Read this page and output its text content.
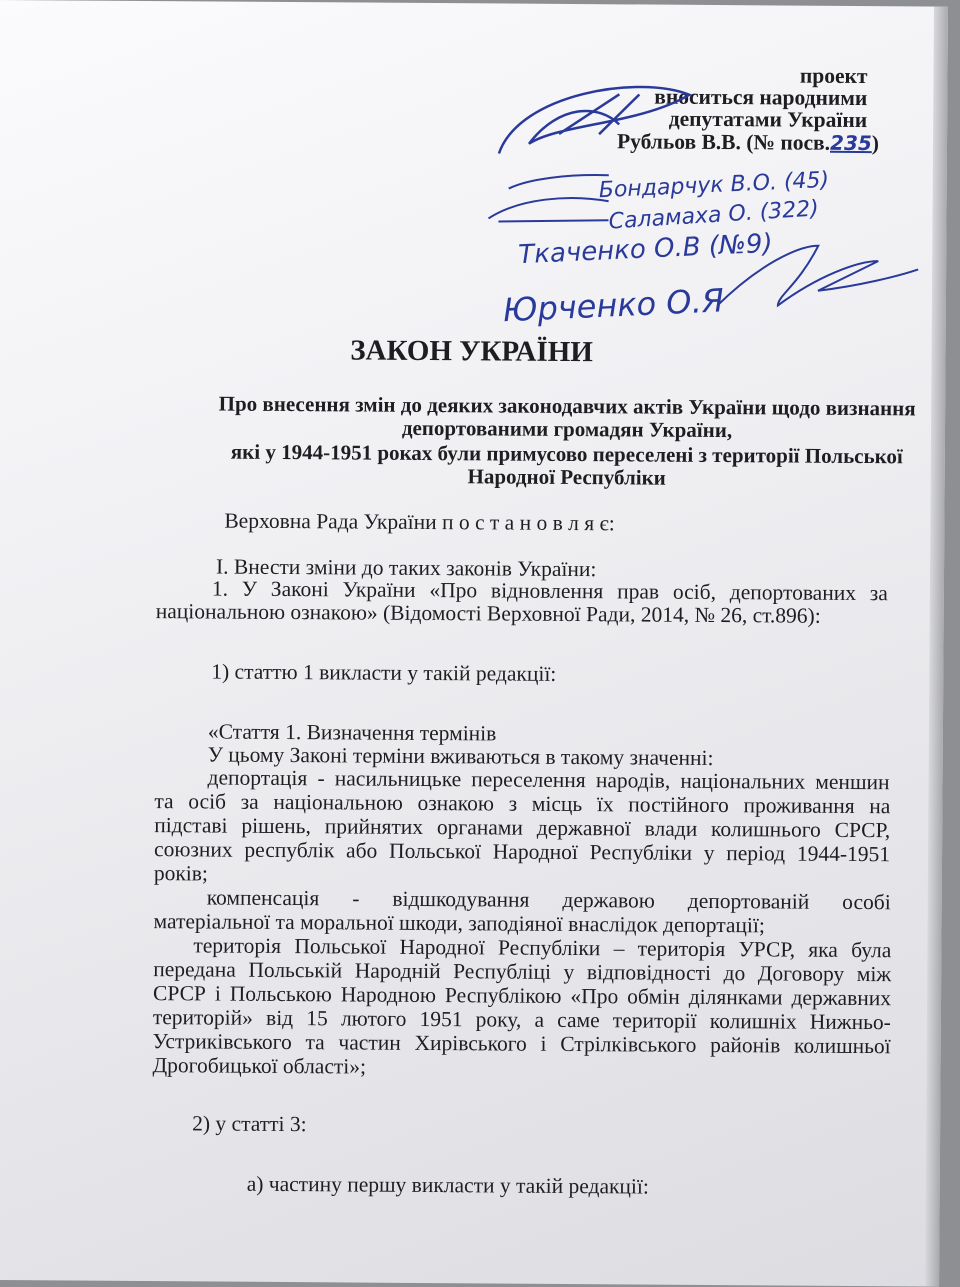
проект
вноситься народними
депутатами України
Рубльов В.В. (№ посв.235)
Бондарчук В.О. (45)
Саламаха О. (322)
Ткаченко О.В (№9)
Юрченко О.Я
ЗАКОН УКРАЇНИ
Про внесення змін до деяких законодавчих актів України щодо визнання
депортованими громадян України,
які у 1944-1951 роках були примусово переселені з території Польської
Народної Республіки
Верховна Рада України п о с т а н о в л я є:
І. Внести зміни до таких законів України:
1. У Законі України «Про відновлення прав осіб, депортованих за
національною ознакою» (Відомості Верховної Ради, 2014, № 26, ст.896):
1) статтю 1 викласти у такій редакції:
«Стаття 1. Визначення термінів
У цьому Законі терміни вживаються в такому значенні:
депортація - насильницьке переселення народів, національних меншин
та осіб за національною ознакою з місць їх постійного проживання на
підставі рішень, прийнятих органами державної влади колишнього СРСР,
союзних республік або Польської Народної Республіки у період 1944-1951
років;
компенсація - відшкодування державою депортованій особі
матеріальної та моральної шкоди, заподіяної внаслідок депортації;
територія Польської Народної Республіки – територія УРСР, яка була
передана Польській Народній Республіці у відповідності до Договору між
СРСР і Польською Народною Республікою «Про обмін ділянками державних
територій» від 15 лютого 1951 року, а саме території колишніх Нижньо-
Устриківського та частин Хирівського і Стрілківського районів колишньої
Дрогобицької області»;
2) у статті 3:
а) частину першу викласти у такій редакції:
